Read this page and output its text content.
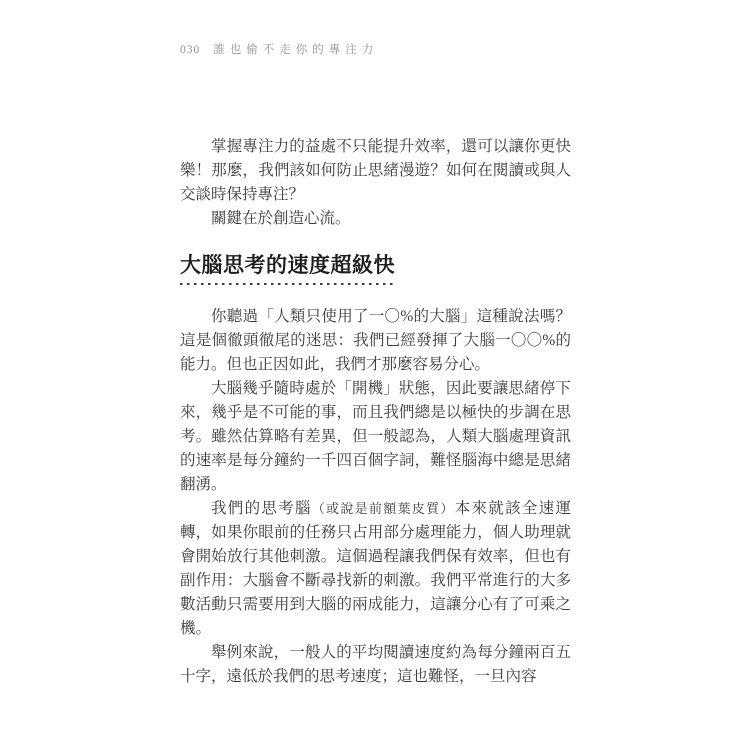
030 誰也偷不走你的專注力

掌握專注力的益處不只能提升效率，還可以讓你更快樂！那麼，我們該如何防止思緒漫遊？如何在閱讀或與人交談時保持專注？

關鍵在於創造心流。

大腦思考的速度超級快

你聽過「人類只使用了一〇%的大腦」這種說法嗎？這是個徹頭徹尾的迷思：我們已經發揮了大腦一〇〇%的能力。但也正因如此，我們才那麼容易分心。

大腦幾乎隨時處於「開機」狀態，因此要讓思緒停下來，幾乎是不可能的事，而且我們總是以極快的步調在思考。雖然估算略有差異，但一般認為，人類大腦處理資訊的速率是每分鐘約一千四百個字詞，難怪腦海中總是思緒翻湧。

我們的思考腦（或說是前額葉皮質）本來就該全速運轉，如果你眼前的任務只占用部分處理能力，個人助理就會開始放行其他刺激。這個過程讓我們保有效率，但也有副作用：大腦會不斷尋找新的刺激。我們平常進行的大多數活動只需要用到大腦的兩成能力，這讓分心有了可乘之機。

舉例來說，一般人的平均閱讀速度約為每分鐘兩百五十字，遠低於我們的思考速度；這也難怪，一旦內容
